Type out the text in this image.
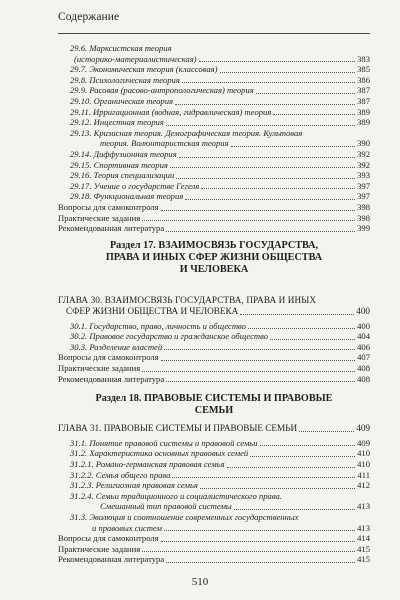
Содержание
29.6. Марксистская теория
(историко-материалистическая)	383
29.7. Экономическая теория (классовая)	385
29.8. Психологическая теория	386
29.9. Расовая (расово-антропологическая) теория	387
29.10. Органическая теория	387
29.11. Ирригационная (водная, гидравлическая) теория	389
29.12. Инцестная теория	389
29.13. Кризисная теория. Демографическая теория. Культовая
теория. Волюнтаристская теория	390
29.14. Диффузионная теория	392
29.15. Спортивная теория	392
29.16. Теория специализации	393
29.17. Учение о государстве Гегеля	397
29.18. Функциональная теория	397
Вопросы для самоконтроля	398
Практические задания	398
Рекомендованная литература	399
Раздел 17. ВЗАИМОСВЯЗЬ ГОСУДАРСТВА,
ПРАВА И ИНЫХ СФЕР ЖИЗНИ ОБЩЕСТВА
И ЧЕЛОВЕКА
ГЛАВА 30. ВЗАИМОСВЯЗЬ ГОСУДАРСТВА, ПРАВА И ИНЫХ
СФЕР ЖИЗНИ ОБЩЕСТВА И ЧЕЛОВЕКА	400
30.1. Государство, право, личность и общество	400
30.2. Правовое государство и гражданское общество	404
30.3. Разделение властей	406
Вопросы для самоконтроля	407
Практические задания	408
Рекомендованная литература	408
Раздел 18. ПРАВОВЫЕ СИСТЕМЫ И ПРАВОВЫЕ
СЕМЬИ
ГЛАВА 31. ПРАВОВЫЕ СИСТЕМЫ И ПРАВОВЫЕ СЕМЬИ	409
31.1. Понятие правовой системы и правовой семьи	409
31.2. Характеристика основных правовых семей	410
31.2.1. Романо-германская правовая семья	410
31.2.2. Семья общего права	411
31.2.3. Религиозная правовая семья	412
31.2.4. Семьи традиционного и социалистического права.
Смешанный тип правовой системы	413
31.3. Эволюция и соотношение современных государственных
и правовых систем	413
Вопросы для самоконтроля	414
Практические задания	415
Рекомендованная литература	415
510
